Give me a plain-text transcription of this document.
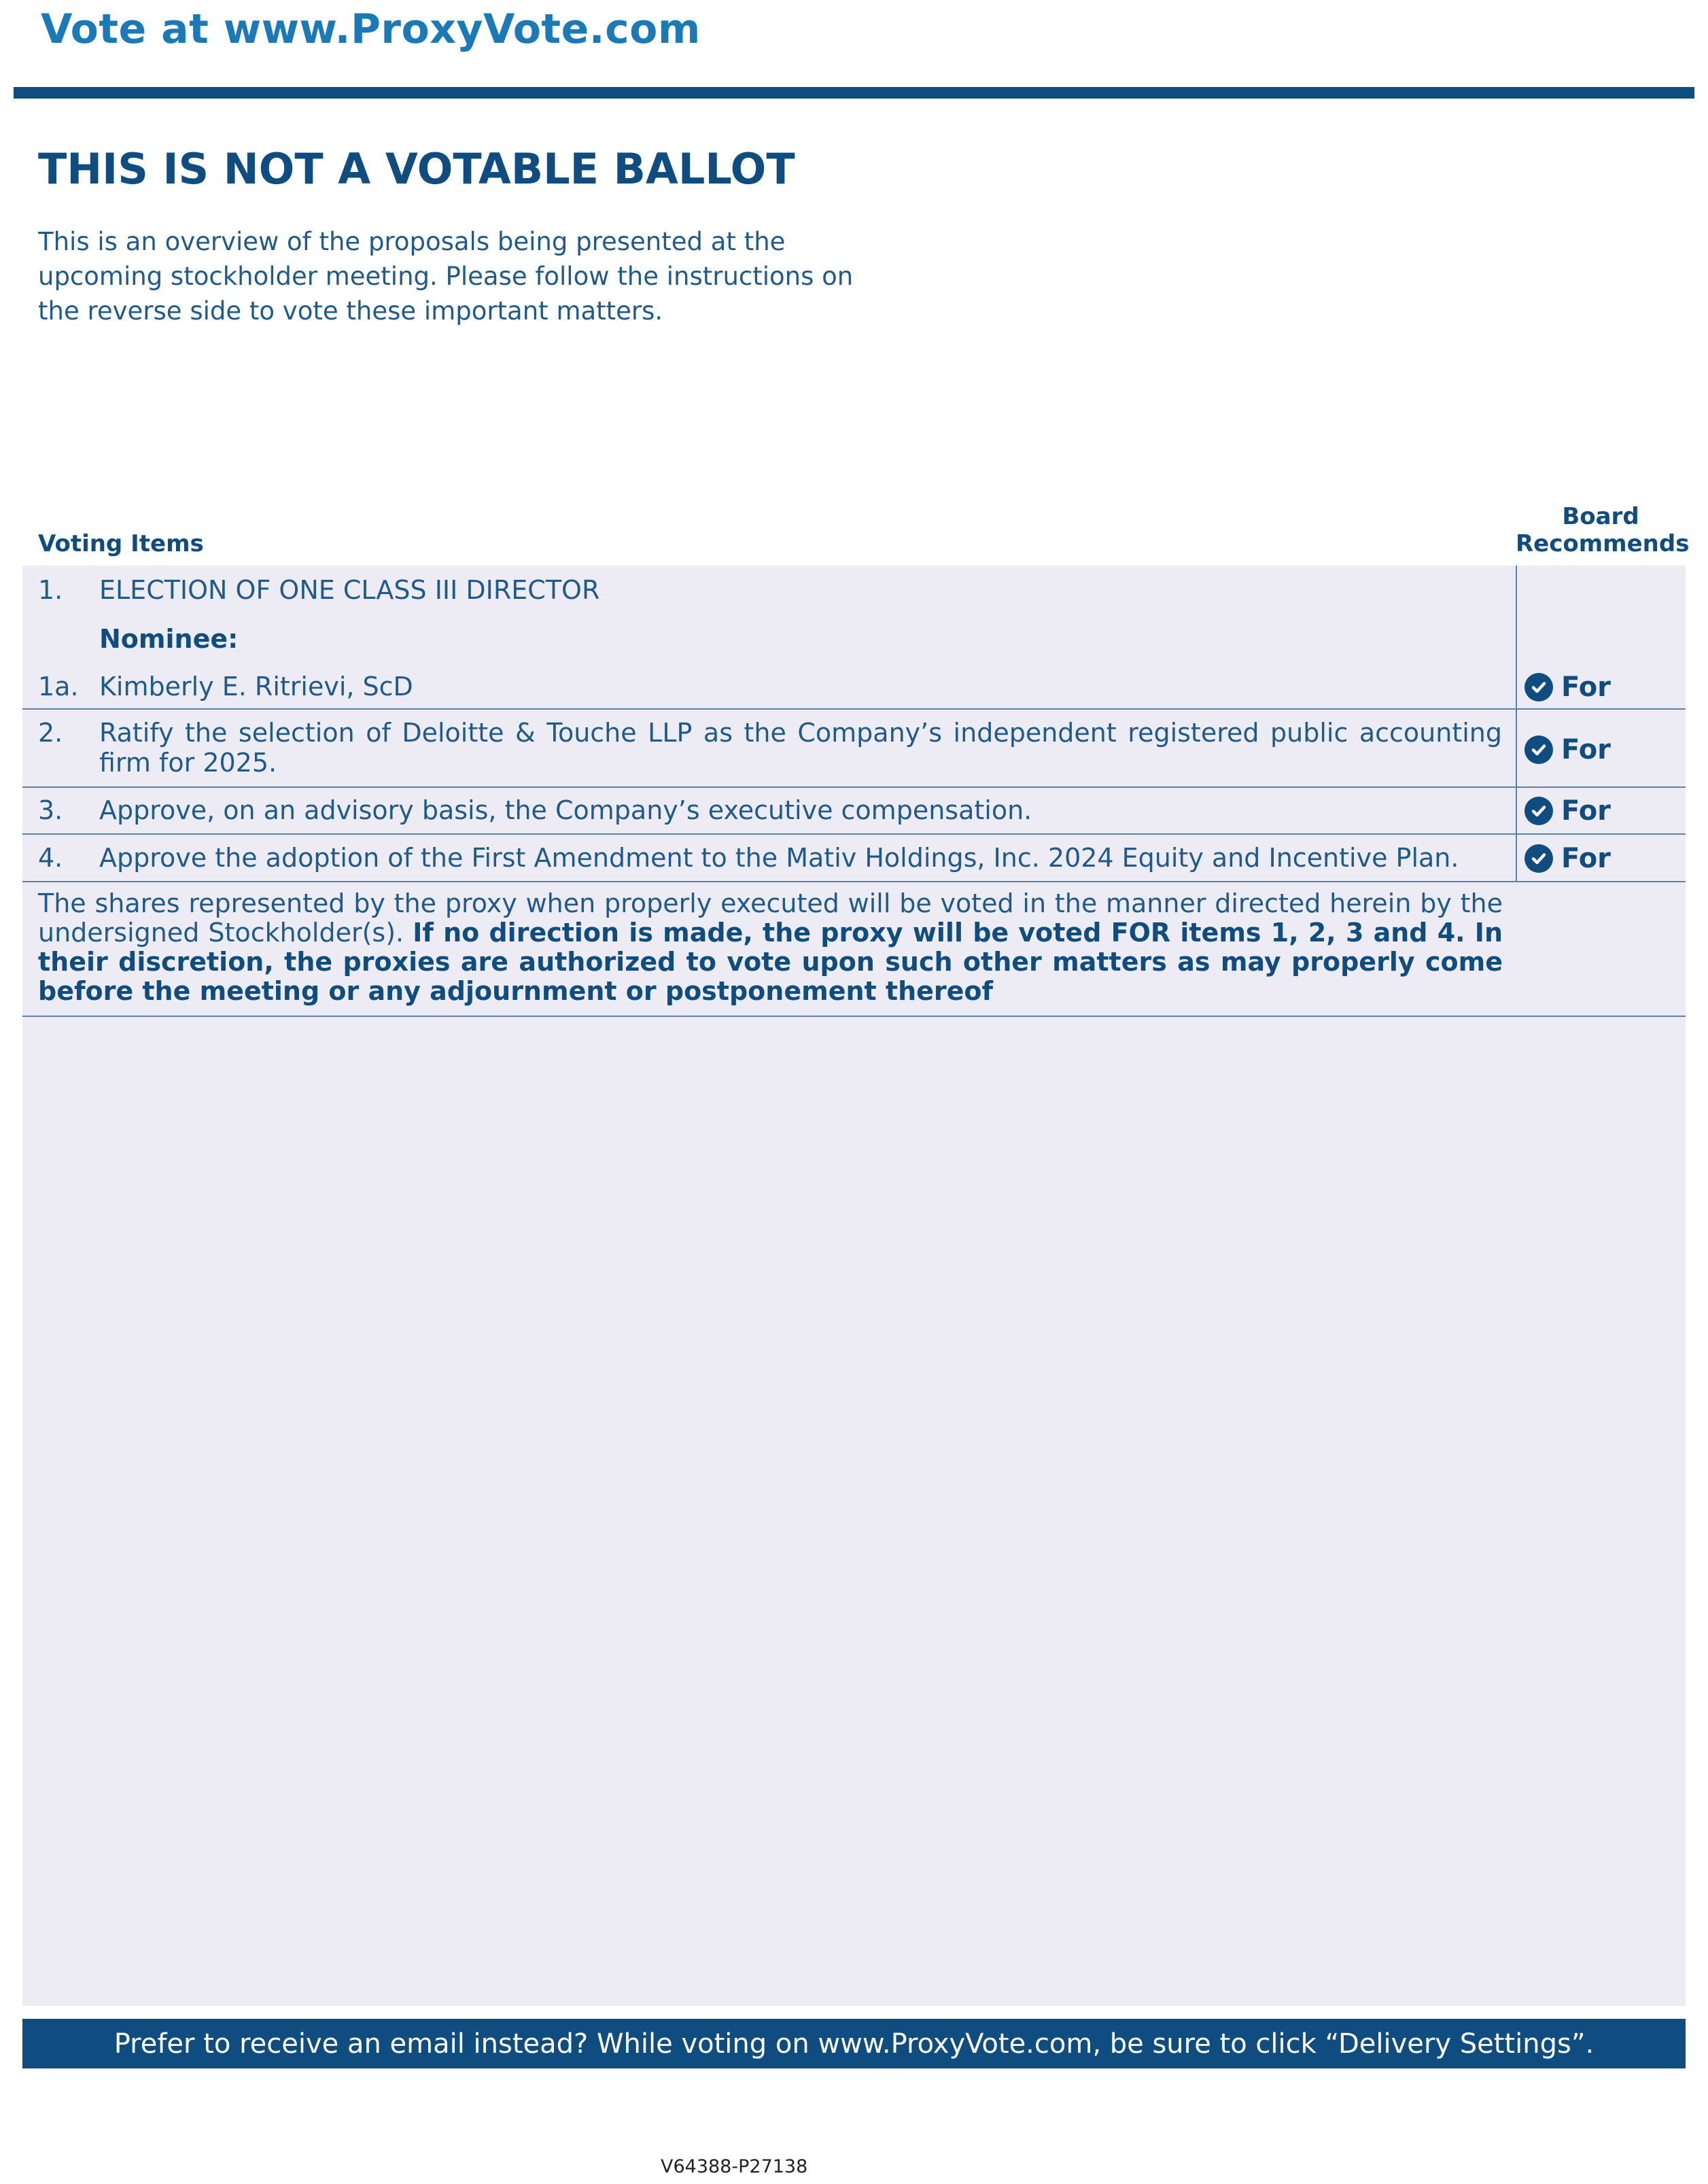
Vote at www.ProxyVote.com
THIS IS NOT A VOTABLE BALLOT
This is an overview of the proposals being presented at the
upcoming stockholder meeting. Please follow the instructions on
the reverse side to vote these important matters.
Voting Items
Board
Recommends
1. ELECTION OF ONE CLASS III DIRECTOR
Nominee:
1a. Kimberly E. Ritrievi, ScD	For
2. Ratify the selection of Deloitte & Touche LLP as the Company’s independent registered public accounting firm for 2025.	For
3. Approve, on an advisory basis, the Company’s executive compensation.	For
4. Approve the adoption of the First Amendment to the Mativ Holdings, Inc. 2024 Equity and Incentive Plan.	For
The shares represented by the proxy when properly executed will be voted in the manner directed herein by the undersigned Stockholder(s). If no direction is made, the proxy will be voted FOR items 1, 2, 3 and 4. In their discretion, the proxies are authorized to vote upon such other matters as may properly come before the meeting or any adjournment or postponement thereof
Prefer to receive an email instead? While voting on www.ProxyVote.com, be sure to click “Delivery Settings”.
V64388-P27138
